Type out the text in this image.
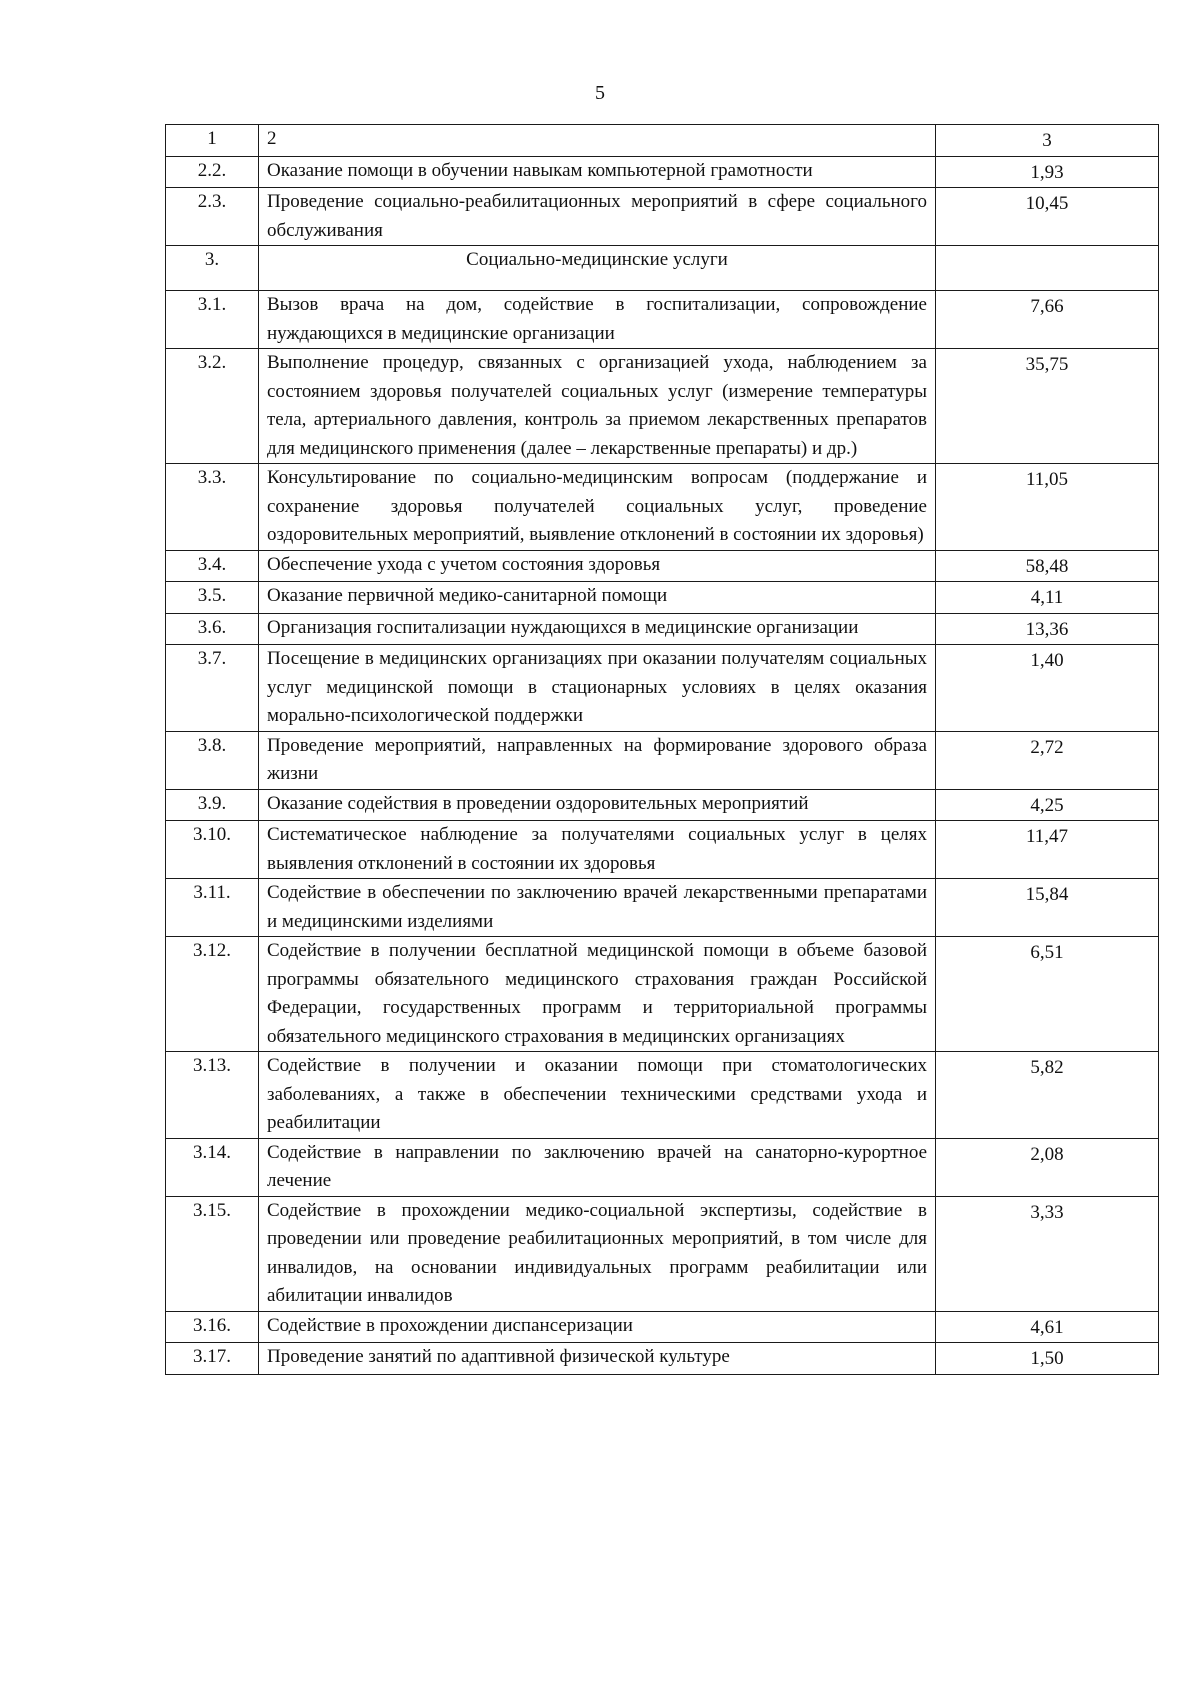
5
1	2	3
2.2.	Оказание помощи в обучении навыкам компьютерной грамотности	1,93
2.3.	Проведение социально-реабилитационных мероприятий в сфере социального обслуживания	10,45
3.	Социально-медицинские услуги	
3.1.	Вызов врача на дом, содействие в госпитализации, сопровождение нуждающихся в медицинские организации	7,66
3.2.	Выполнение процедур, связанных с организацией ухода, наблюдением за состоянием здоровья получателей социальных услуг (измерение температуры тела, артериального давления, контроль за приемом лекарственных препаратов для медицинского применения (далее – лекарственные препараты) и др.)	35,75
3.3.	Консультирование по социально-медицинским вопросам (поддержание и сохранение здоровья получателей социальных услуг, проведение оздоровительных мероприятий, выявление отклонений в состоянии их здоровья)	11,05
3.4.	Обеспечение ухода с учетом состояния здоровья	58,48
3.5.	Оказание первичной медико-санитарной помощи	4,11
3.6.	Организация госпитализации нуждающихся в медицинские организации	13,36
3.7.	Посещение в медицинских организациях при оказании получателям социальных услуг медицинской помощи в стационарных условиях в целях оказания морально-психологической поддержки	1,40
3.8.	Проведение мероприятий, направленных на формирование здорового образа жизни	2,72
3.9.	Оказание содействия в проведении оздоровительных мероприятий	4,25
3.10.	Систематическое наблюдение за получателями социальных услуг в целях выявления отклонений в состоянии их здоровья	11,47
3.11.	Содействие в обеспечении по заключению врачей лекарственными препаратами и медицинскими изделиями	15,84
3.12.	Содействие в получении бесплатной медицинской помощи в объеме базовой программы обязательного медицинского страхования граждан Российской Федерации, государственных программ и территориальной программы обязательного медицинского страхования в медицинских организациях	6,51
3.13.	Содействие в получении и оказании помощи при стоматологических заболеваниях, а также в обеспечении техническими средствами ухода и реабилитации	5,82
3.14.	Содействие в направлении по заключению врачей на санаторно-курортное лечение	2,08
3.15.	Содействие в прохождении медико-социальной экспертизы, содействие в проведении или проведение реабилитационных мероприятий, в том числе для инвалидов, на основании индивидуальных программ реабилитации или абилитации инвалидов	3,33
3.16.	Содействие в прохождении диспансеризации	4,61
3.17.	Проведение занятий по адаптивной физической культуре	1,50
